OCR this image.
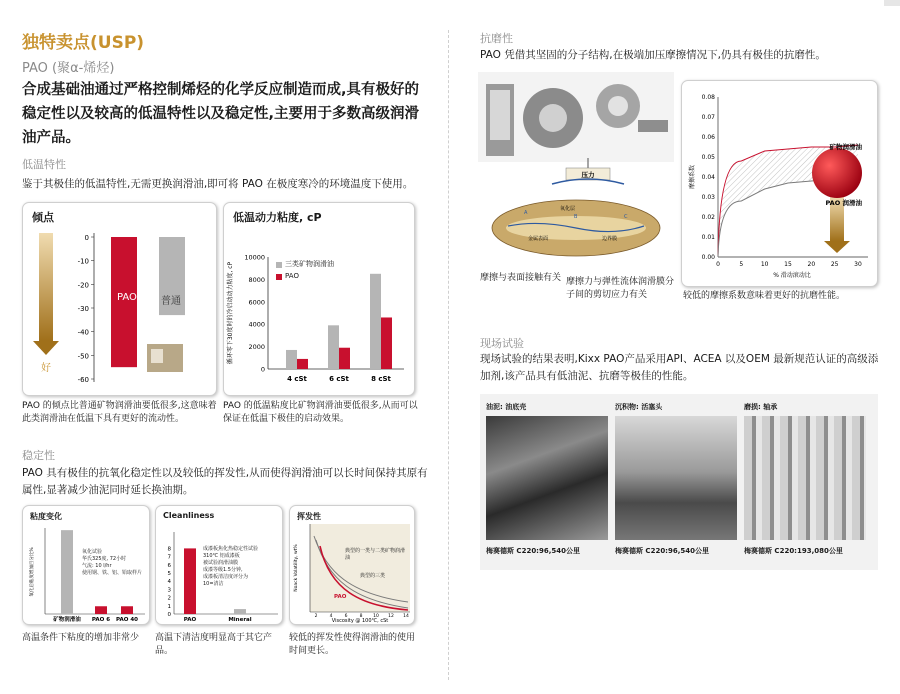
独特卖点(USP)
PAO (聚α-烯烃)
合成基础油通过严格控制烯烃的化学反应制造而成,具有极好的稳定性以及较高的低温特性以及稳定性,主要用于多数高级润滑油产品。
低温特性
鉴于其极佳的低温特性,无需更换润滑油,即可将 PAO 在极度寒冷的环境温度下使用。
倾点
0
-10
-20
-30
-40
-50
-60
好
PAO 普通
PAO 的倾点比普通矿物润滑油要低很多,这意味着此类润滑油在低温下具有更好的流动性。
低温动力粘度, cP
0
2000
4000
6000
8000
10000
4 cSt	6 cSt	8 cSt
循环零下30度时的冷启动动力粘度, cP	三类矿物润滑油
PAO
PAO 的低温粘度比矿物润滑油要低很多,从而可以保证在低温下极佳的启动效果。
稳定性
PAO 具有极佳的抗氧化稳定性以及较低的挥发性,从而使得润滑油可以长时间保持其原有属性,显著减少油泥同时延长换油期。
粘度变化
氧化后粘度增加百分比%
矿物润滑油 PAO 6 PAO 40
氧化试验
华氏325度, 72小时
气流: 10 l/hr
使用钢、铁、铝、铅取样片
高温条件下粘度的增加非常少
Cleanliness
0
1
2
3
4
5
6
7
8
PAO	Mineral
成漆板焦化热稳定性试验
310℃ 铝成漆板
被试验润滑油膜
成漆等级1.5分钟,
成漆板清洁度评分为
10=清洁
高温下清洁度明显高于其它产品。
挥发性
Noack Volatility, wt%
Viscosity @ 100℃, cSt
2	4	6	8 10 12 14
PAO
典型的一类与二类矿物润滑油
典型的三类
较低的挥发性使得润滑油的使用时间更长。
抗磨性
PAO 凭借其坚固的分子结构,在极端加压摩擦情况下,仍具有极佳的抗磨性。
压力
A
B	C
氧化层
金属表面	边界膜
摩擦与表面接触有关 摩擦力与弹性流体润滑膜分子间的剪切应力有关
0.00
0.01
0.02
0.03
0.04
0.05
0.06
0.07
0.08
0	5	10	15	20	25	30
摩擦系数
% 滑动滚动比
矿物润滑油
PAO 润滑油
较低的摩擦系数意味着更好的抗磨性能。
现场试验
现场试验的结果表明,Kixx PAO产品采用API、ACEA 以及OEM 最新规范认证的高级添加剂,该产品具有低油泥、抗磨等极佳的性能。
油泥: 油底壳
梅赛德斯 C220:96,540公里
沉积物: 活塞头
梅赛德斯 C220:96,540公里
磨损: 轴承
梅赛德斯 C220:193,080公里
